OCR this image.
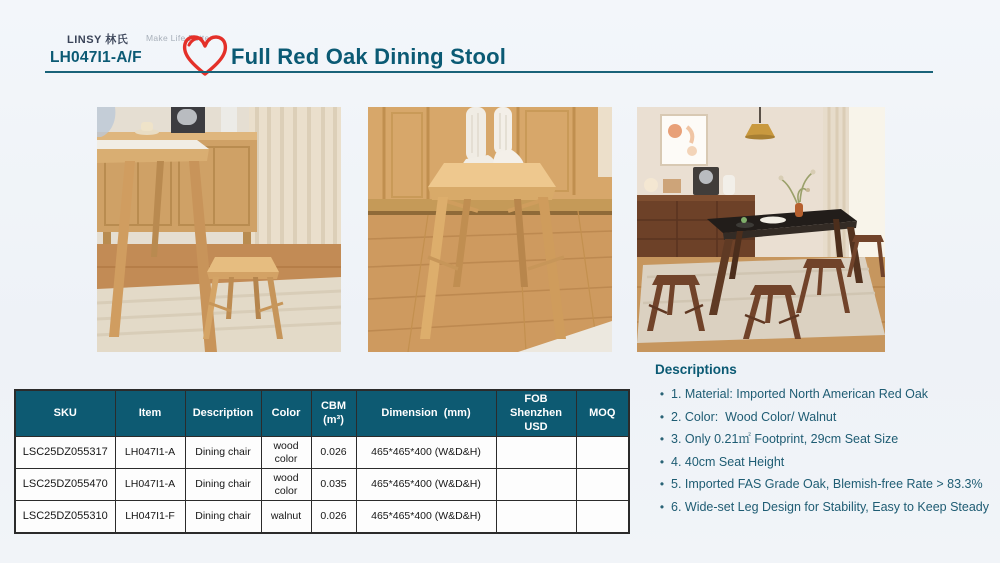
LINSY 林氏 Make Life Better
LH047I1-A/F	Full Red Oak Dining Stool
SKU	Item	Description	Color	CBM (m³)	Dimension  (mm)	FOB Shenzhen USD	MOQ
LSC25DZ055317	LH047I1-A	Dining chair	wood color	0.026	465*465*400 (W&D&H)		
LSC25DZ055470	LH047I1-A	Dining chair	wood color	0.035	465*465*400 (W&D&H)		
LSC25DZ055310	LH047I1-F	Dining chair	walnut	0.026	465*465*400 (W&D&H)		
Descriptions
• 1. Material: Imported North American Red Oak
• 2. Color:  Wood Color/ Walnut
• 3. Only 0.21㎡ Footprint, 29cm Seat Size
• 4. 40cm Seat Height
• 5. Imported FAS Grade Oak, Blemish-free Rate > 83.3%
• 6. Wide-set Leg Design for Stability, Easy to Keep Steady
